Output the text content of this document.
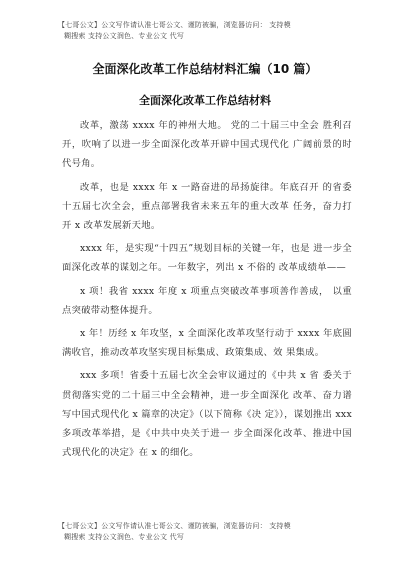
【七哥公文】公文写作请认准七哥公文、谨防被骗，浏览器访问： 支持模
糊搜索 支持公文润色、专业公文 代写
全面深化改革工作总结材料汇编（10 篇）
全面深化改革工作总结材料

改革，激荡 xxxx 年的神州大地。 党的二十届三中全会 胜利召开，吹响了以进一步全面深化改革开辟中国式现代化 广阔前景的时代号角。

改革，也是 xxxx 年 x 一路奋进的昂扬旋律。年底召开 的省委十五届七次全会，重点部署我省未来五年的重大改革 任务，奋力打开 x 改革发展新天地。

xxxx 年，是实现“十四五”规划目标的关键一年，也是 进一步全面深化改革的谋划之年。一年数字，列出 x 不俗的 改革成绩单——

x 项！我省 xxxx 年度 x 项重点突破改革事项善作善成， 以重点突破带动整体提升。

x 年！历经 x 年攻坚，x 全面深化改革攻坚行动于 xxxx 年底圆满收官，推动改革攻坚实现目标集成、政策集成、效 果集成。

xxx 多项！省委十五届七次全会审议通过的《中共 x 省 委关于贯彻落实党的二十届三中全会精神，进一步全面深化 改革、奋力谱写中国式现代化 x 篇章的决定》（以下简称《决 定》），谋划推出 xxx 多项改革举措，是《中共中央关于进一 步全面深化改革、推进中国式现代化的决定》在 x 的细化。

【七哥公文】公文写作请认准七哥公文、谨防被骗，浏览器访问： 支持模
糊搜索 支持公文润色、专业公文 代写
